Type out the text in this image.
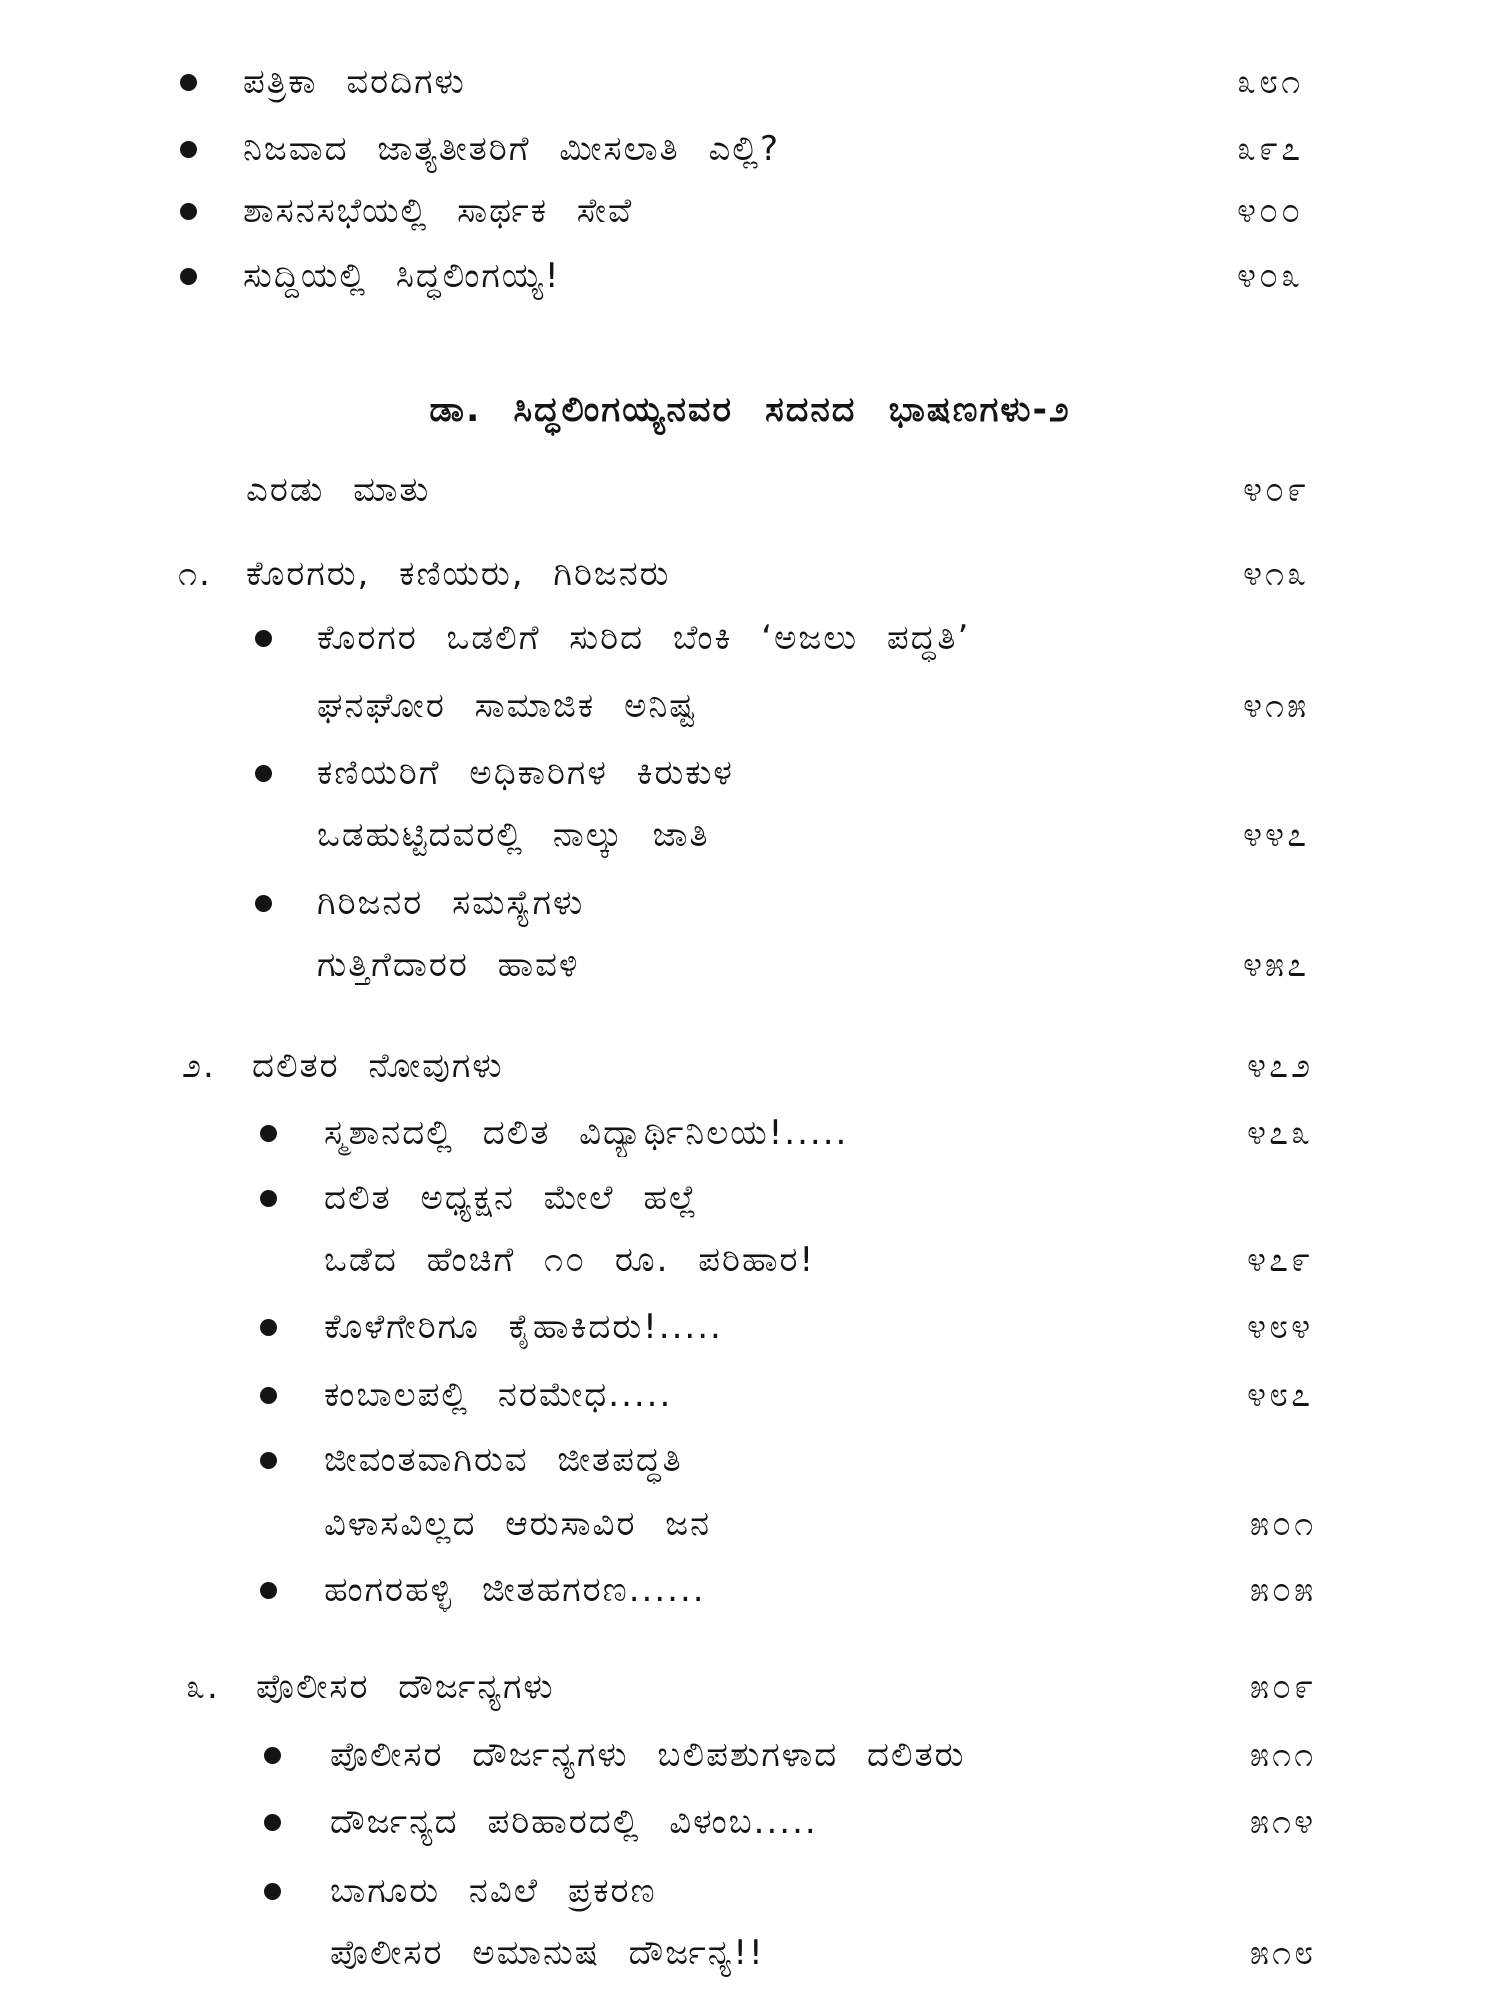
ಪತ್ರಿಕಾ ವರದಿಗಳು	೩೮೧
ನಿಜವಾದ ಜಾತ್ಯತೀತರಿಗೆ ಮೀಸಲಾತಿ ಎಲ್ಲಿ?	೩೯೭
ಶಾಸನಸಭೆಯಲ್ಲಿ ಸಾರ್ಥಕ ಸೇವೆ	೪೦೦
ಸುದ್ದಿಯಲ್ಲಿ ಸಿದ್ಧಲಿಂಗಯ್ಯ!	೪೦೩
ಡಾ. ಸಿದ್ಧಲಿಂಗಯ್ಯನವರ ಸದನದ ಭಾಷಣಗಳು-೨
ಎರಡು ಮಾತು	೪೦೯
೧. ಕೊರಗರು, ಕಣಿಯರು, ಗಿರಿಜನರು	೪೧೩
ಕೊರಗರ ಒಡಲಿಗೆ ಸುರಿದ ಬೆಂಕಿ ‘ಅಜಲು ಪದ್ಧತಿ’
ಘನಘೋರ ಸಾಮಾಜಿಕ ಅನಿಷ್ಟ	೪೧೫
ಕಣಿಯರಿಗೆ ಅಧಿಕಾರಿಗಳ ಕಿರುಕುಳ
ಒಡಹುಟ್ಟಿದವರಲ್ಲಿ ನಾಲ್ಕು ಜಾತಿ	೪೪೭
ಗಿರಿಜನರ ಸಮಸ್ಯೆಗಳು
ಗುತ್ತಿಗೆದಾರರ ಹಾವಳಿ	೪೫೭
೨. ದಲಿತರ ನೋವುಗಳು	೪೭೨
ಸ್ಮಶಾನದಲ್ಲಿ ದಲಿತ ವಿದ್ಯಾರ್ಥಿನಿಲಯ!.....	೪೭೩
ದಲಿತ ಅಧ್ಯಕ್ಷನ ಮೇಲೆ ಹಲ್ಲೆ
ಒಡೆದ ಹೆಂಚಿಗೆ ೧೦ ರೂ. ಪರಿಹಾರ!	೪೭೯
ಕೊಳೆಗೇರಿಗೂ ಕೈಹಾಕಿದರು!.....	೪೮೪
ಕಂಬಾಲಪಲ್ಲಿ ನರಮೇಧ.....	೪೮೭
ಜೀವಂತವಾಗಿರುವ ಜೀತಪದ್ಧತಿ
ವಿಳಾಸವಿಲ್ಲದ ಆರುಸಾವಿರ ಜನ	೫೦೧
ಹಂಗರಹಳ್ಳಿ ಜೀತಹಗರಣ......	೫೦೫
೩. ಪೊಲೀಸರ ದೌರ್ಜನ್ಯಗಳು	೫೦೯
ಪೊಲೀಸರ ದೌರ್ಜನ್ಯಗಳು ಬಲಿಪಶುಗಳಾದ ದಲಿತರು	೫೧೧
ದೌರ್ಜನ್ಯದ ಪರಿಹಾರದಲ್ಲಿ ವಿಳಂಬ.....	೫೧೪
ಬಾಗೂರು ನವಿಲೆ ಪ್ರಕರಣ
ಪೊಲೀಸರ ಅಮಾನುಷ ದೌರ್ಜನ್ಯ!!	೫೧೮
